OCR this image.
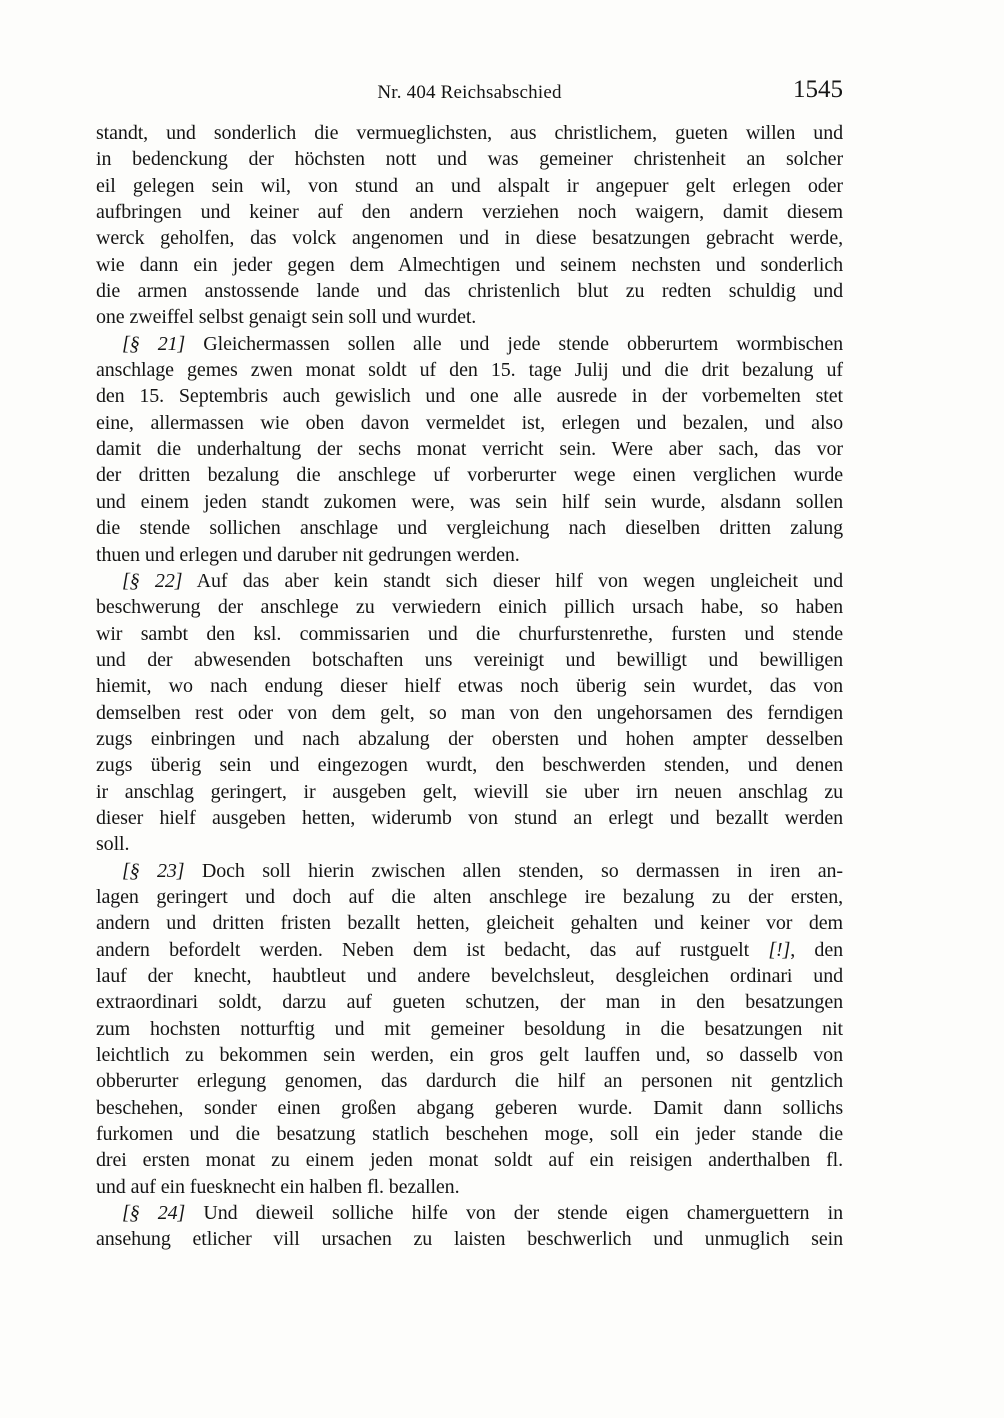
Nr. 404 Reichsabschied	1545
standt, und sonderlich die vermueglichsten, aus christlichem, gueten willen und
in bedenckung der höchsten nott und was gemeiner christenheit an solcher
eil gelegen sein wil, von stund an und alspalt ir angepuer gelt erlegen oder
aufbringen und keiner auf den andern verziehen noch waigern, damit diesem
werck geholfen, das volck angenomen und in diese besatzungen gebracht werde,
wie dann ein jeder gegen dem Almechtigen und seinem nechsten und sonderlich
die armen anstossende lande und das christenlich blut zu redten schuldig und
one zweiffel selbst genaigt sein soll und wurdet.
[§ 21] Gleichermassen sollen alle und jede stende obberurtem wormbischen
anschlage gemes zwen monat soldt uf den 15. tage Julij und die drit bezalung uf
den 15. Septembris auch gewislich und one alle ausrede in der vorbemelten stet
eine, allermassen wie oben davon vermeldet ist, erlegen und bezalen, und also
damit die underhaltung der sechs monat verricht sein. Were aber sach, das vor
der dritten bezalung die anschlege uf vorberurter wege einen verglichen wurde
und einem jeden standt zukomen were, was sein hilf sein wurde, alsdann sollen
die stende sollichen anschlage und vergleichung nach dieselben dritten zalung
thuen und erlegen und daruber nit gedrungen werden.
[§ 22] Auf das aber kein standt sich dieser hilf von wegen ungleicheit und
beschwerung der anschlege zu verwiedern einich pillich ursach habe, so haben
wir sambt den ksl. commissarien und die churfurstenrethe, fursten und stende
und der abwesenden botschaften uns vereinigt und bewilligt und bewilligen
hiemit, wo nach endung dieser hielf etwas noch überig sein wurdet, das von
demselben rest oder von dem gelt, so man von den ungehorsamen des ferndigen
zugs einbringen und nach abzalung der obersten und hohen ampter desselben
zugs überig sein und eingezogen wurdt, den beschwerden stenden, und denen
ir anschlag geringert, ir ausgeben gelt, wievill sie uber irn neuen anschlag zu
dieser hielf ausgeben hetten, widerumb von stund an erlegt und bezallt werden
soll.
[§ 23] Doch soll hierin zwischen allen stenden, so dermassen in iren an-
lagen geringert und doch auf die alten anschlege ire bezalung zu der ersten,
andern und dritten fristen bezallt hetten, gleicheit gehalten und keiner vor dem
andern befordelt werden. Neben dem ist bedacht, das auf rustguelt [!], den
lauf der knecht, haubtleut und andere bevelchsleut, desgleichen ordinari und
extraordinari soldt, darzu auf gueten schutzen, der man in den besatzungen
zum hochsten notturftig und mit gemeiner besoldung in die besatzungen nit
leichtlich zu bekommen sein werden, ein gros gelt lauffen und, so dasselb von
obberurter erlegung genomen, das dardurch die hilf an personen nit gentzlich
beschehen, sonder einen großen abgang geberen wurde. Damit dann sollichs
furkomen und die besatzung statlich beschehen moge, soll ein jeder stande die
drei ersten monat zu einem jeden monat soldt auf ein reisigen anderthalben fl.
und auf ein fuesknecht ein halben fl. bezallen.
[§ 24] Und dieweil solliche hilfe von der stende eigen chamerguettern in
ansehung etlicher vill ursachen zu laisten beschwerlich und unmuglich sein
